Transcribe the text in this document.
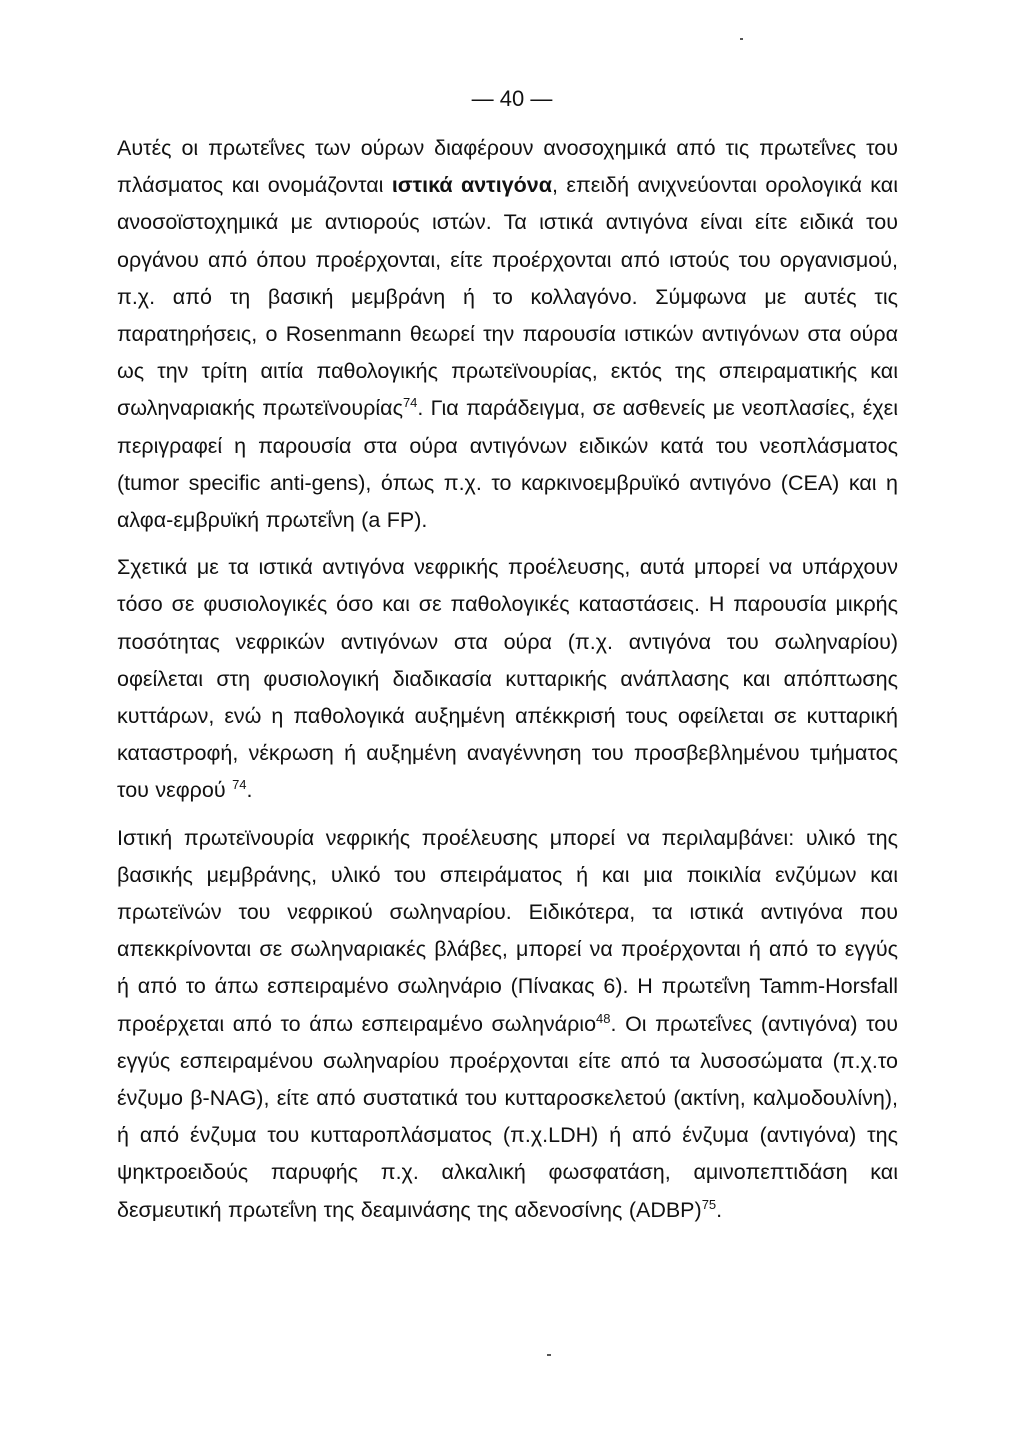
— 40 —

Αυτές οι πρωτεΐνες των ούρων διαφέρουν ανοσοχημικά από τις πρωτεΐνες του πλάσματος και ονομάζονται ιστικά αντιγόνα, επειδή ανιχνεύονται ορολογικά και ανοσοϊστοχημικά με αντιορούς ιστών. Τα ιστικά αντιγόνα είναι είτε ειδικά του οργάνου από όπου προέρχονται, είτε προέρχονται από ιστούς του οργανισμού, π.χ. από τη βασική μεμβράνη ή το κολλαγόνο. Σύμφωνα με αυτές τις παρατηρήσεις, ο Rosenmann θεωρεί την παρουσία ιστικών αντιγόνων στα ούρα ως την τρίτη αιτία παθολογικής πρωτεϊνουρίας, εκτός της σπειραματικής και σωληναριακής πρωτεϊνουρίας$^{74}$. Για παράδειγμα, σε ασθενείς με νεοπλασίες, έχει περιγραφεί η παρουσία στα ούρα αντιγόνων ειδικών κατά του νεοπλάσματος (tumor specific anti-gens), όπως π.χ. το καρκινοεμβρυϊκό αντιγόνο (CEA) και η αλφα-εμβρυϊκή πρωτεΐνη (a FP).

Σχετικά με τα ιστικά αντιγόνα νεφρικής προέλευσης, αυτά μπορεί να υπάρχουν τόσο σε φυσιολογικές όσο και σε παθολογικές καταστάσεις. Η παρουσία μικρής ποσότητας νεφρικών αντιγόνων στα ούρα (π.χ. αντιγόνα του σωληναρίου) οφείλεται στη φυσιολογική διαδικασία κυτταρικής ανάπλασης και απόπτωσης κυττάρων, ενώ η παθολογικά αυξημένη απέκκρισή τους οφείλεται σε κυτταρική καταστροφή, νέκρωση ή αυξημένη αναγέννηση του προσβεβλημένου τμήματος του νεφρού $^{74}$.

Ιστική πρωτεϊνουρία νεφρικής προέλευσης μπορεί να περιλαμβάνει: υλικό της βασικής μεμβράνης, υλικό του σπειράματος ή και μια ποικιλία ενζύμων και πρωτεϊνών του νεφρικού σωληναρίου. Ειδικότερα, τα ιστικά αντιγόνα που απεκκρίνονται σε σωληναριακές βλάβες, μπορεί να προέρχονται ή από το εγγύς ή από το άπω εσπειραμένο σωληνάριο (Πίνακας 6). Η πρωτεΐνη Tamm-Horsfall προέρχεται από το άπω εσπειραμένο σωληνάριο$^{48}$. Οι πρωτεΐνες (αντιγόνα) του εγγύς εσπειραμένου σωληναρίου προέρχονται είτε από τα λυσοσώματα (π.χ.το ένζυμο β-NAG), είτε από συστατικά του κυτταροσκελετού (ακτίνη, καλμοδουλίνη), ή από ένζυμα του κυτταροπλάσματος (π.χ.LDH) ή από ένζυμα (αντιγόνα) της ψηκτροειδούς παρυφής π.χ. αλκαλική φωσφατάση, αμινοπεπτιδάση και δεσμευτική πρωτεΐνη της δεαμινάσης της αδενοσίνης (ADBP)$^{75}$.
